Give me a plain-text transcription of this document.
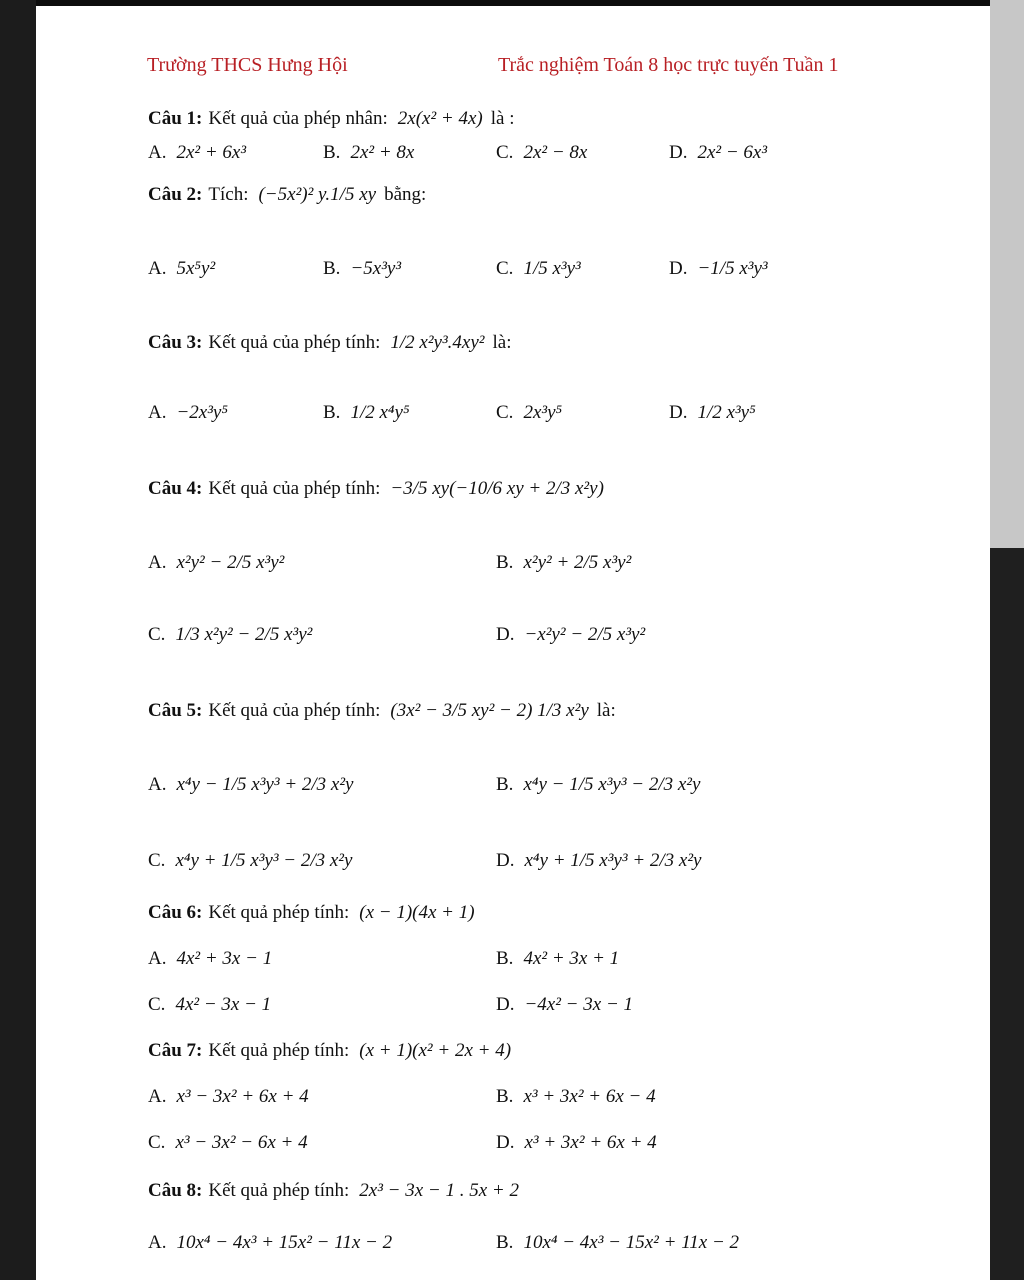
Trường THCS Hưng Hội	Trắc nghiệm Toán 8 học trực tuyến Tuần 1
Câu 1: Kết quả của phép nhân: 2x(x² + 4x) là :
A. 2x² + 6x³	B. 2x² + 8x	C. 2x² − 8x	D. 2x² − 6x³
Câu 2: Tích: (−5x²)² y.1/5 xy bằng:
A. 5x⁵y²	B. −5x³y³	C. 1/5 x³y³	D. −1/5 x³y³
Câu 3: Kết quả của phép tính: 1/2 x²y³.4xy² là:
A. −2x³y⁵	B. 1/2 x⁴y⁵	C. 2x³y⁵	D. 1/2 x³y⁵
Câu 4: Kết quả của phép tính: −3/5 xy(−10/6 xy + 2/3 x²y)
A. x²y² − 2/5 x³y²	B. x²y² + 2/5 x³y²
C. 1/3 x²y² − 2/5 x³y²	D. −x²y² − 2/5 x³y²
Câu 5: Kết quả của phép tính: (3x² − 3/5 xy² − 2) 1/3 x²y là:
A. x⁴y − 1/5 x³y³ + 2/3 x²y	B. x⁴y − 1/5 x³y³ − 2/3 x²y
C. x⁴y + 1/5 x³y³ − 2/3 x²y	D. x⁴y + 1/5 x³y³ + 2/3 x²y
Câu 6: Kết quả phép tính: (x − 1)(4x + 1)
A. 4x² + 3x − 1	B. 4x² + 3x + 1
C. 4x² − 3x − 1	D. −4x² − 3x − 1
Câu 7: Kết quả phép tính: (x + 1)(x² + 2x + 4)
A. x³ − 3x² + 6x + 4	B. x³ + 3x² + 6x − 4
C. x³ − 3x² − 6x + 4	D. x³ + 3x² + 6x + 4
Câu 8: Kết quả phép tính: 2x³ − 3x − 1 . 5x + 2
A. 10x⁴ − 4x³ + 15x² − 11x − 2	B. 10x⁴ − 4x³ − 15x² + 11x − 2
